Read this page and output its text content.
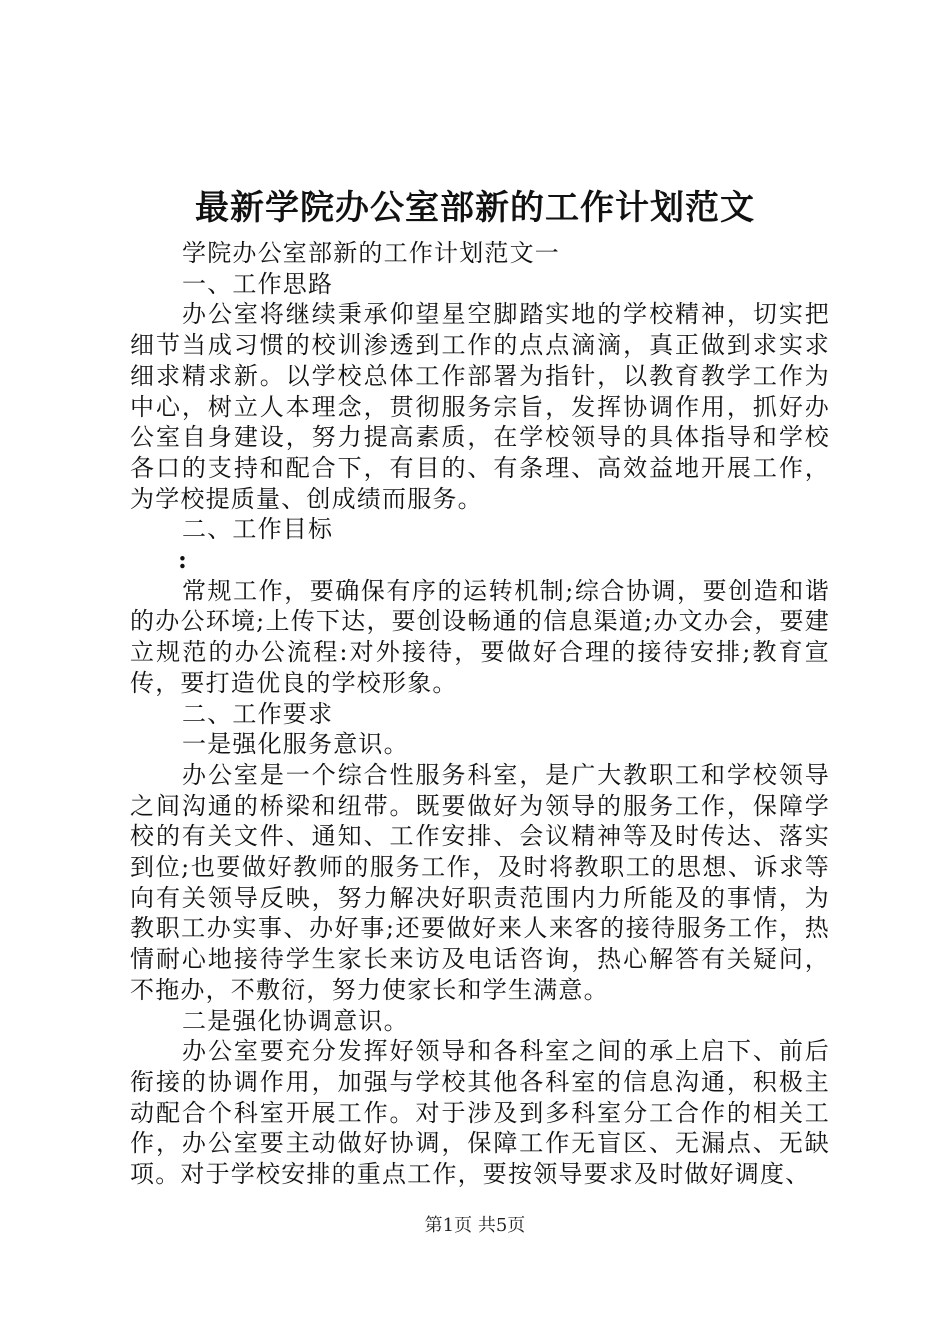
最新学院办公室部新的工作计划范文

学院办公室部新的工作计划范文一

一、工作思路

办公室将继续秉承仰望星空脚踏实地的学校精神，切实把细节当成习惯的校训渗透到工作的点点滴滴，真正做到求实求细求精求新。以学校总体工作部署为指针，以教育教学工作为中心，树立人本理念，贯彻服务宗旨，发挥协调作用，抓好办公室自身建设，努力提高素质，在学校领导的具体指导和学校各口的支持和配合下，有目的、有条理、高效益地开展工作，为学校提质量、创成绩而服务。

二、工作目标

:

常规工作，要确保有序的运转机制;综合协调，要创造和谐的办公环境;上传下达，要创设畅通的信息渠道;办文办会，要建立规范的办公流程:对外接待，要做好合理的接待安排;教育宣传，要打造优良的学校形象。

二、工作要求

一是强化服务意识。

办公室是一个综合性服务科室，是广大教职工和学校领导之间沟通的桥梁和纽带。既要做好为领导的服务工作，保障学校的有关文件、通知、工作安排、会议精神等及时传达、落实到位;也要做好教师的服务工作，及时将教职工的思想、诉求等向有关领导反映，努力解决好职责范围内力所能及的事情，为教职工办实事、办好事;还要做好来人来客的接待服务工作，热情耐心地接待学生家长来访及电话咨询，热心解答有关疑问，不拖办，不敷衍，努力使家长和学生满意。

二是强化协调意识。

办公室要充分发挥好领导和各科室之间的承上启下、前后衔接的协调作用，加强与学校其他各科室的信息沟通，积极主动配合个科室开展工作。对于涉及到多科室分工合作的相关工作，办公室要主动做好协调，保障工作无盲区、无漏点、无缺项。对于学校安排的重点工作，要按领导要求及时做好调度、

第1页 共5页
